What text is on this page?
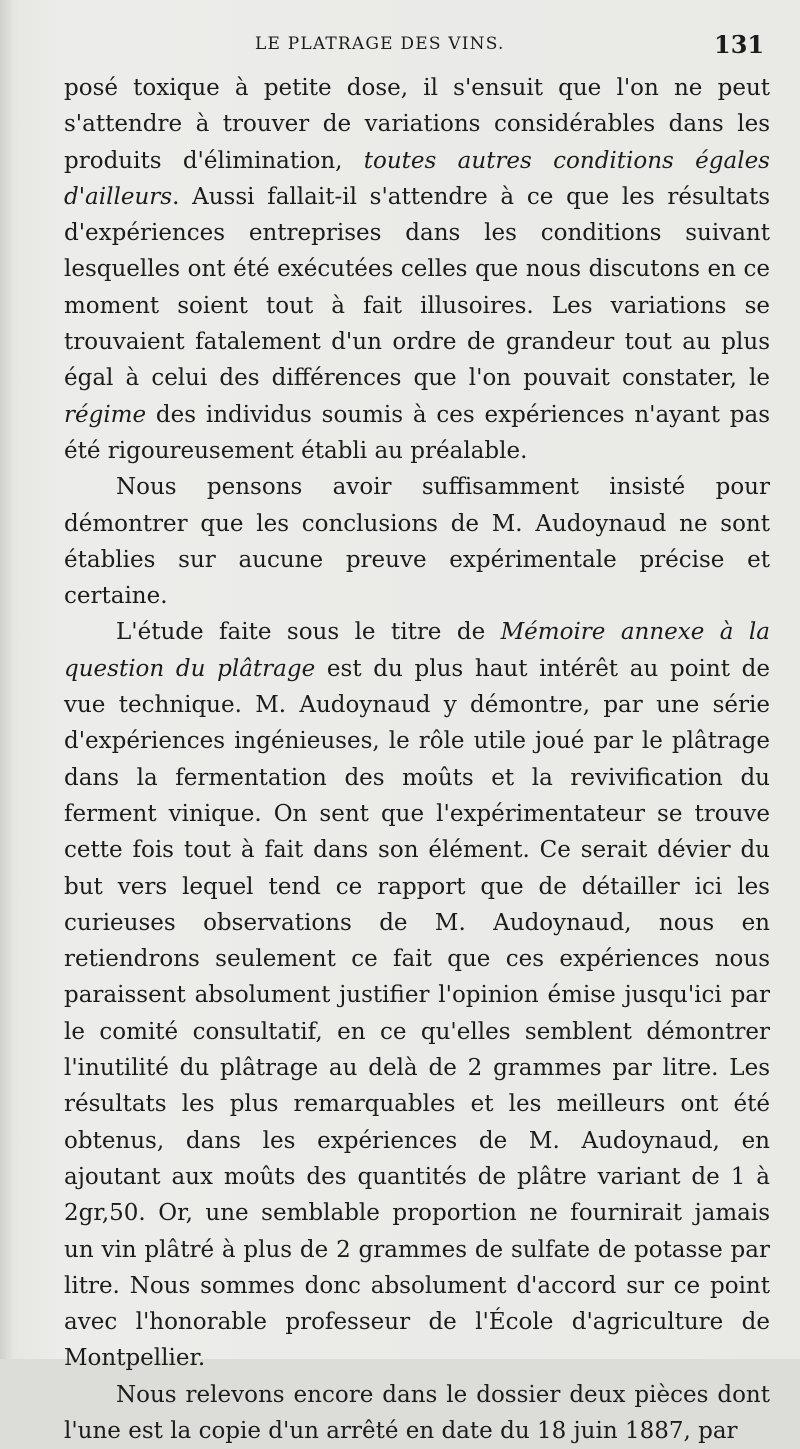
LE PLATRAGE DES VINS.	131

posé toxique à petite dose, il s'ensuit que l'on ne peut s'attendre à trouver de variations considérables dans les produits d'élimination, toutes autres conditions égales d'ailleurs. Aussi fallait-il s'attendre à ce que les résultats d'expériences entreprises dans les conditions suivant lesquelles ont été exécutées celles que nous discutons en ce moment soient tout à fait illusoires. Les variations se trouvaient fatalement d'un ordre de grandeur tout au plus égal à celui des différences que l'on pouvait constater, le régime des individus soumis à ces expériences n'ayant pas été rigoureusement établi au préalable.

Nous pensons avoir suffisamment insisté pour démontrer que les conclusions de M. Audoynaud ne sont établies sur aucune preuve expérimentale précise et certaine.

L'étude faite sous le titre de Mémoire annexe à la question du plâtrage est du plus haut intérêt au point de vue technique. M. Audoynaud y démontre, par une série d'expériences ingénieuses, le rôle utile joué par le plâtrage dans la fermentation des moûts et la revivification du ferment vinique. On sent que l'expérimentateur se trouve cette fois tout à fait dans son élément. Ce serait dévier du but vers lequel tend ce rapport que de détailler ici les curieuses observations de M. Audoynaud, nous en retiendrons seulement ce fait que ces expériences nous paraissent absolument justifier l'opinion émise jusqu'ici par le comité consultatif, en ce qu'elles semblent démontrer l'inutilité du plâtrage au delà de 2 grammes par litre. Les résultats les plus remarquables et les meilleurs ont été obtenus, dans les expériences de M. Audoynaud, en ajoutant aux moûts des quantités de plâtre variant de 1 à 2gr,50. Or, une semblable proportion ne fournirait jamais un vin plâtré à plus de 2 grammes de sulfate de potasse par litre. Nous sommes donc absolument d'accord sur ce point avec l'honorable professeur de l'École d'agriculture de Montpellier.

Nous relevons encore dans le dossier deux pièces dont l'une est la copie d'un arrêté en date du 18 juin 1887, par
